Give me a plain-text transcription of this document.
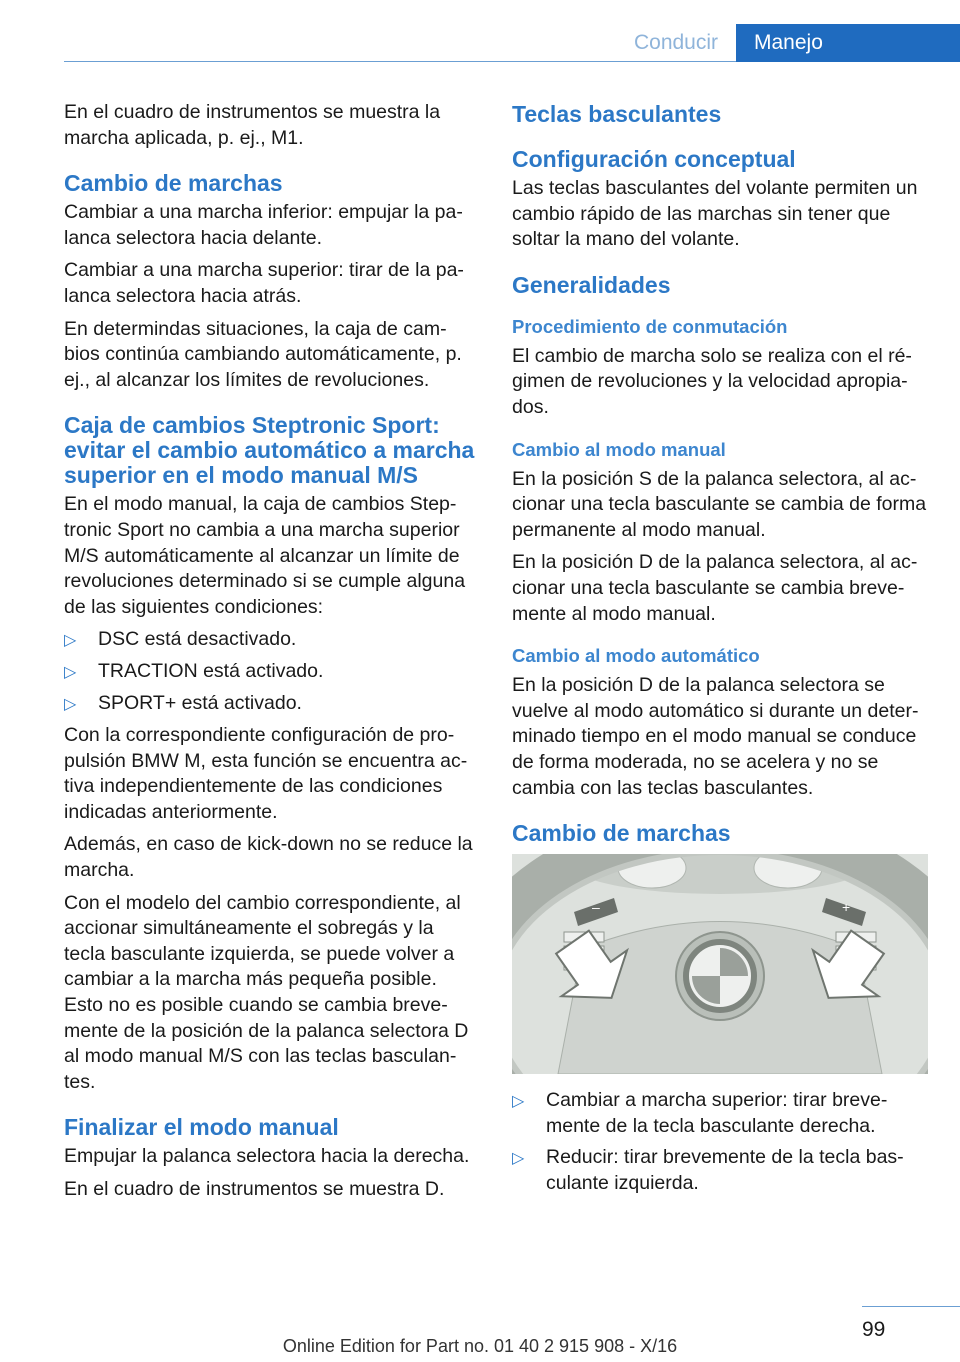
Conducir	Manejo

En el cuadro de instrumentos se muestra la marcha aplicada, p. ej., M1.

Cambio de marchas

Cambiar a una marcha inferior: empujar la pa‐ lanca selectora hacia delante.

Cambiar a una marcha superior: tirar de la pa‐ lanca selectora hacia atrás.

En determindas situaciones, la caja de cam‐ bios continúa cambiando automáticamente, p. ej., al alcanzar los límites de revoluciones.

Caja de cambios Steptronic Sport: evitar el cambio automático a marcha superior en el modo manual M/S

En el modo manual, la caja de cambios Step‐ tronic Sport no cambia a una marcha superior M/S automáticamente al alcanzar un límite de revoluciones determinado si se cumple alguna de las siguientes condiciones:

▷ DSC está desactivado.
▷ TRACTION está activado.
▷ SPORT+ está activado.

Con la correspondiente configuración de pro‐ pulsión BMW M, esta función se encuentra ac‐ tiva independientemente de las condiciones indicadas anteriormente.

Además, en caso de kick-down no se reduce la marcha.

Con el modelo del cambio correspondiente, al accionar simultáneamente el sobregás y la tecla basculante izquierda, se puede volver a cambiar a la marcha más pequeña posible. Esto no es posible cuando se cambia breve‐ mente de la posición de la palanca selectora D al modo manual M/S con las teclas basculan‐ tes.

Finalizar el modo manual

Empujar la palanca selectora hacia la derecha.

En el cuadro de instrumentos se muestra D.

Teclas basculantes
Configuración conceptual

Las teclas basculantes del volante permiten un cambio rápido de las marchas sin tener que soltar la mano del volante.

Generalidades
Procedimiento de conmutación

El cambio de marcha solo se realiza con el ré‐ gimen de revoluciones y la velocidad apropia‐ dos.

Cambio al modo manual

En la posición S de la palanca selectora, al ac‐ cionar una tecla basculante se cambia de forma permanente al modo manual.

En la posición D de la palanca selectora, al ac‐ cionar una tecla basculante se cambia breve‐ mente al modo manual.

Cambio al modo automático

En la posición D de la palanca selectora se vuelve al modo automático si durante un deter‐ minado tiempo en el modo manual se conduce de forma moderada, no se acelera y no se cambia con las teclas basculantes.

Cambio de marchas
–	+
▷ Cambiar a marcha superior: tirar breve‐ mente de la tecla basculante derecha.
▷ Reducir: tirar brevemente de la tecla bas‐ culante izquierda.
99
Online Edition for Part no. 01 40 2 915 908 - X/16
